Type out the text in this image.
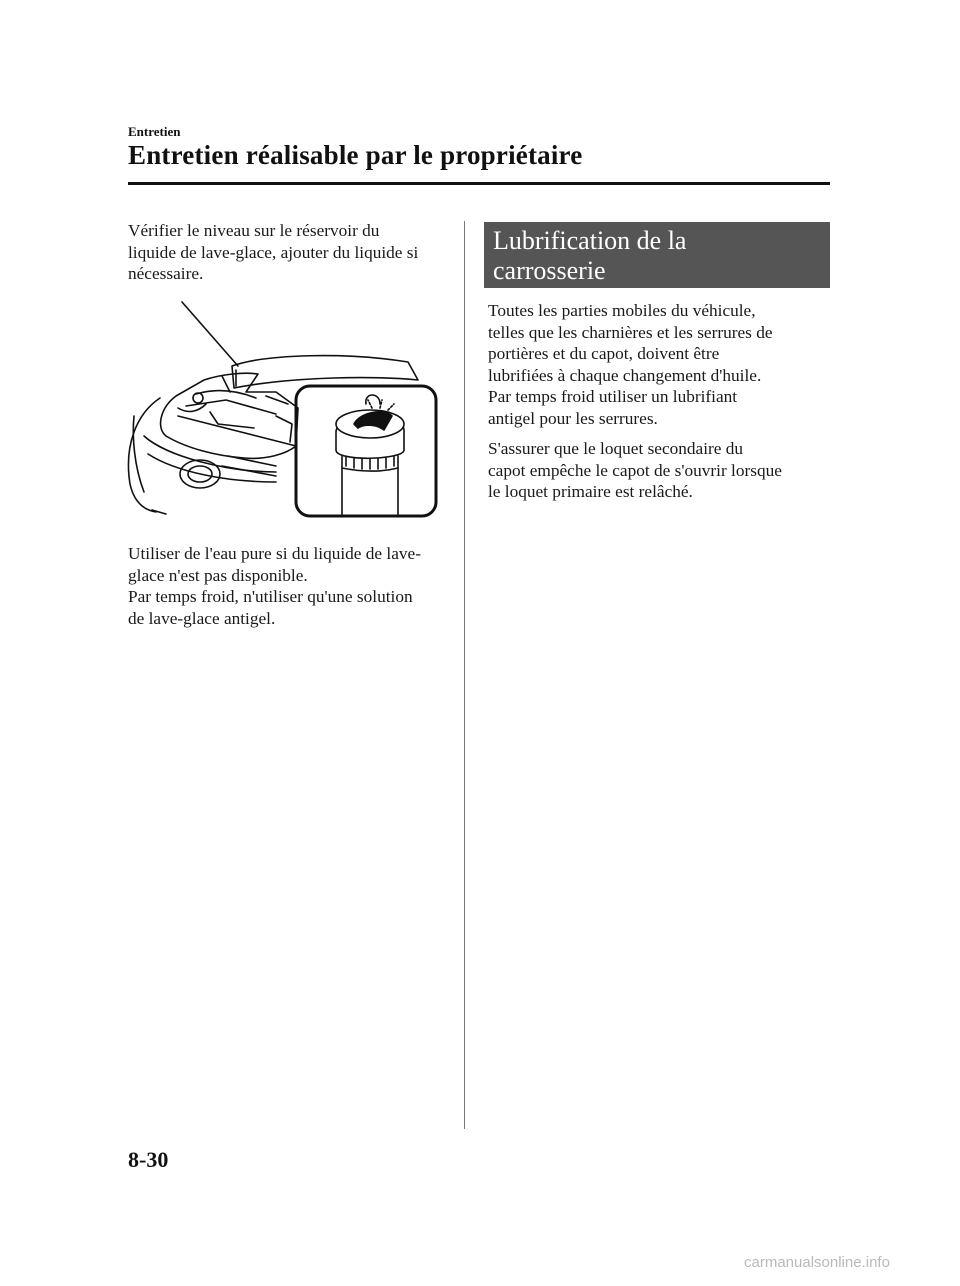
Entretien
Entretien réalisable par le propriétaire

Vérifier le niveau sur le réservoir du
liquide de lave-glace, ajouter du liquide si
nécessaire.

Utiliser de l'eau pure si du liquide de lave-
glace n'est pas disponible.
Par temps froid, n'utiliser qu'une solution
de lave-glace antigel.

Lubrification de la
carrosserie

Toutes les parties mobiles du véhicule,
telles que les charnières et les serrures de
portières et du capot, doivent être
lubrifiées à chaque changement d'huile.
Par temps froid utiliser un lubrifiant
antigel pour les serrures.

S'assurer que le loquet secondaire du
capot empêche le capot de s'ouvrir lorsque
le loquet primaire est relâché.

8-30
carmanualsonline.info
